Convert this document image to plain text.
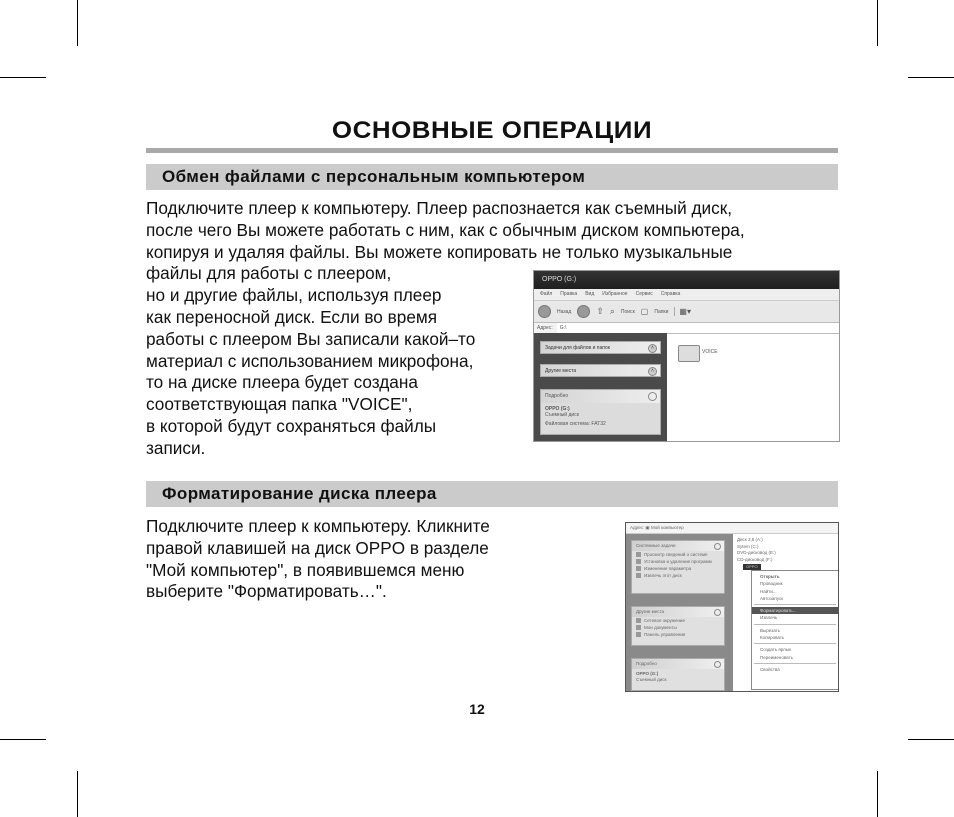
ОСНОВНЫЕ ОПЕРАЦИИ
Обмен файлами с персональным компьютером
Подключите плеер к компьютеру. Плеер распознается как съемный диск,
после чего Вы можете работать с ним, как с обычным диском компьютера,
копируя и удаляя файлы. Вы можете копировать не только музыкальные
файлы для работы с плеером,
но и другие файлы, используя плеер
как переносной диск. Если во время
работы с плеером Вы записали какой–то
материал с использованием микрофона,
то на диске плеера будет создана
соответствующая папка "VOICE",
в которой будут сохраняться файлы
записи.
OPPO (G:)
Файл Правка Вид Избранное Сервис Справка
Назад	⇧ ⌕ Поиск ▢ Папки	▦▾
Адрес:	G:\
Задачи для файлов и папок	˄
Другие места	˄
Подробно
OPPO (G:)
Съемный диск
Файловая система: FAT32
VOICE
Форматирование диска плеера
Подключите плеер к компьютеру. Кликните
правой клавишей на диск OPPO в разделе
"Мой компьютер", в появившемся меню
выберите "Форматировать…".
Адрес: ▣ Мой компьютер
Системные задачи
Просмотр сведений о системе
Установка и удаление программ
Изменение параметра
Извлечь этот диск
Другие места
Сетевое окружение
Мои документы
Панель управления
Подробно
OPPO (G:)
Съемный диск
Диск 3,5 (A:)
Sytem (C:)
DVD-дисковод (E:)
CD-дисковод (F:)
OPPO
Открыть
Проводник
Найти...
Автозапуск
Форматировать...
Извлечь
Вырезать
Копировать
Создать ярлык
Переименовать
Свойства
12
